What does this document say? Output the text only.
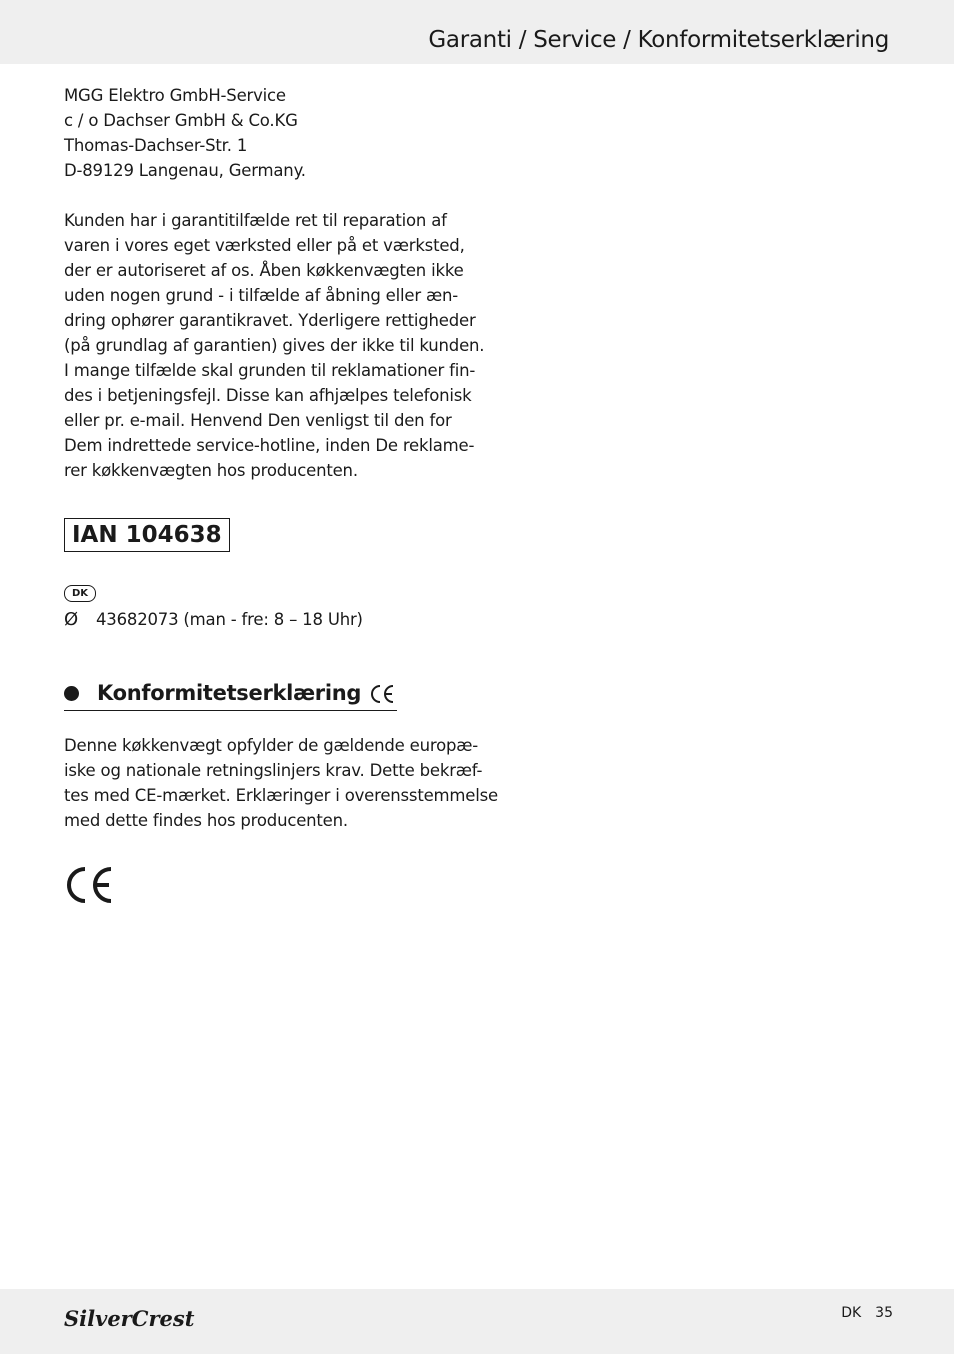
Garanti / Service / Konformitetserklæring
MGG Elektro GmbH-Service
c / o Dachser GmbH & Co.KG
Thomas-Dachser-Str. 1
D-89129 Langenau, Germany.
Kunden har i garantitilfælde ret til reparation af
varen i vores eget værksted eller på et værksted,
der er autoriseret af os. Åben køkkenvægten ikke
uden nogen grund - i tilfælde af åbning eller æn-
dring ophører garantikravet. Yderligere rettigheder
(på grundlag af garantien) gives der ikke til kunden.
I mange tilfælde skal grunden til reklamationer fin-
des i betjeningsfejl. Disse kan afhjælpes telefonisk
eller pr. e-mail. Henvend Den venligst til den for
Dem indrettede service-hotline, inden De reklame-
rer køkkenvægten hos producenten.
IAN 104638
DK
Ø 43682073 (man - fre: 8 – 18 Uhr)
Konformitetserklæring
Denne køkkenvægt opfylder de gældende europæ-
iske og nationale retningslinjers krav. Dette bekræf-
tes med CE-mærket. Erklæringer i overensstemmelse
med dette findes hos producenten.
SilverCrest	DK 35
